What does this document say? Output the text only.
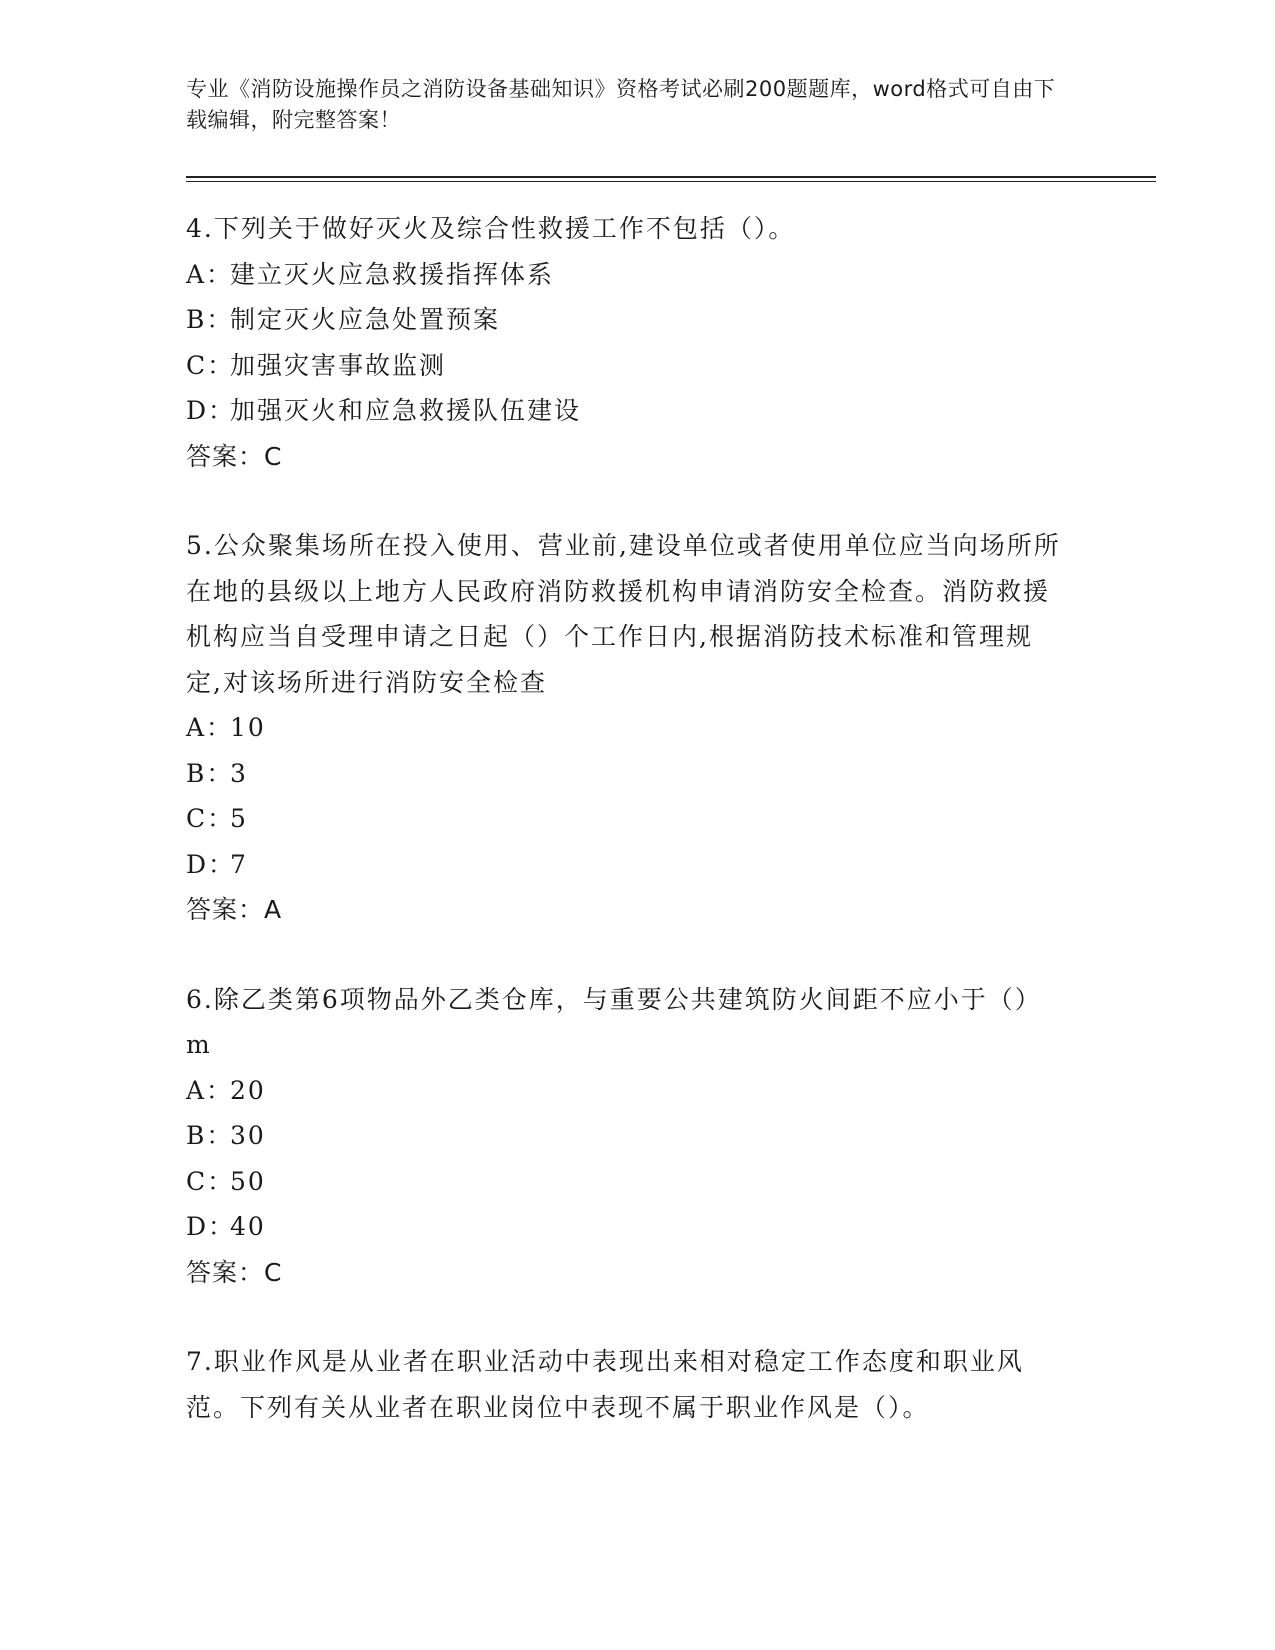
专业《消防设施操作员之消防设备基础知识》资格考试必刷200题题库，word格式可自由下载编辑，附完整答案！
4.下列关于做好灭火及综合性救援工作不包括（）。
A：建立灭火应急救援指挥体系
B：制定灭火应急处置预案
C：加强灾害事故监测
D：加强灭火和应急救援队伍建设
答案：C
5.公众聚集场所在投入使用、营业前,建设单位或者使用单位应当向场所所在地的县级以上地方人民政府消防救援机构申请消防安全检查。消防救援机构应当自受理申请之日起（）个工作日内,根据消防技术标准和管理规定,对该场所进行消防安全检查
A：10
B：3
C：5
D：7
答案：A
6.除乙类第6项物品外乙类仓库，与重要公共建筑防火间距不应小于（）m
A：20
B：30
C：50
D：40
答案：C
7.职业作风是从业者在职业活动中表现出来相对稳定工作态度和职业风范。下列有关从业者在职业岗位中表现不属于职业作风是（）。
